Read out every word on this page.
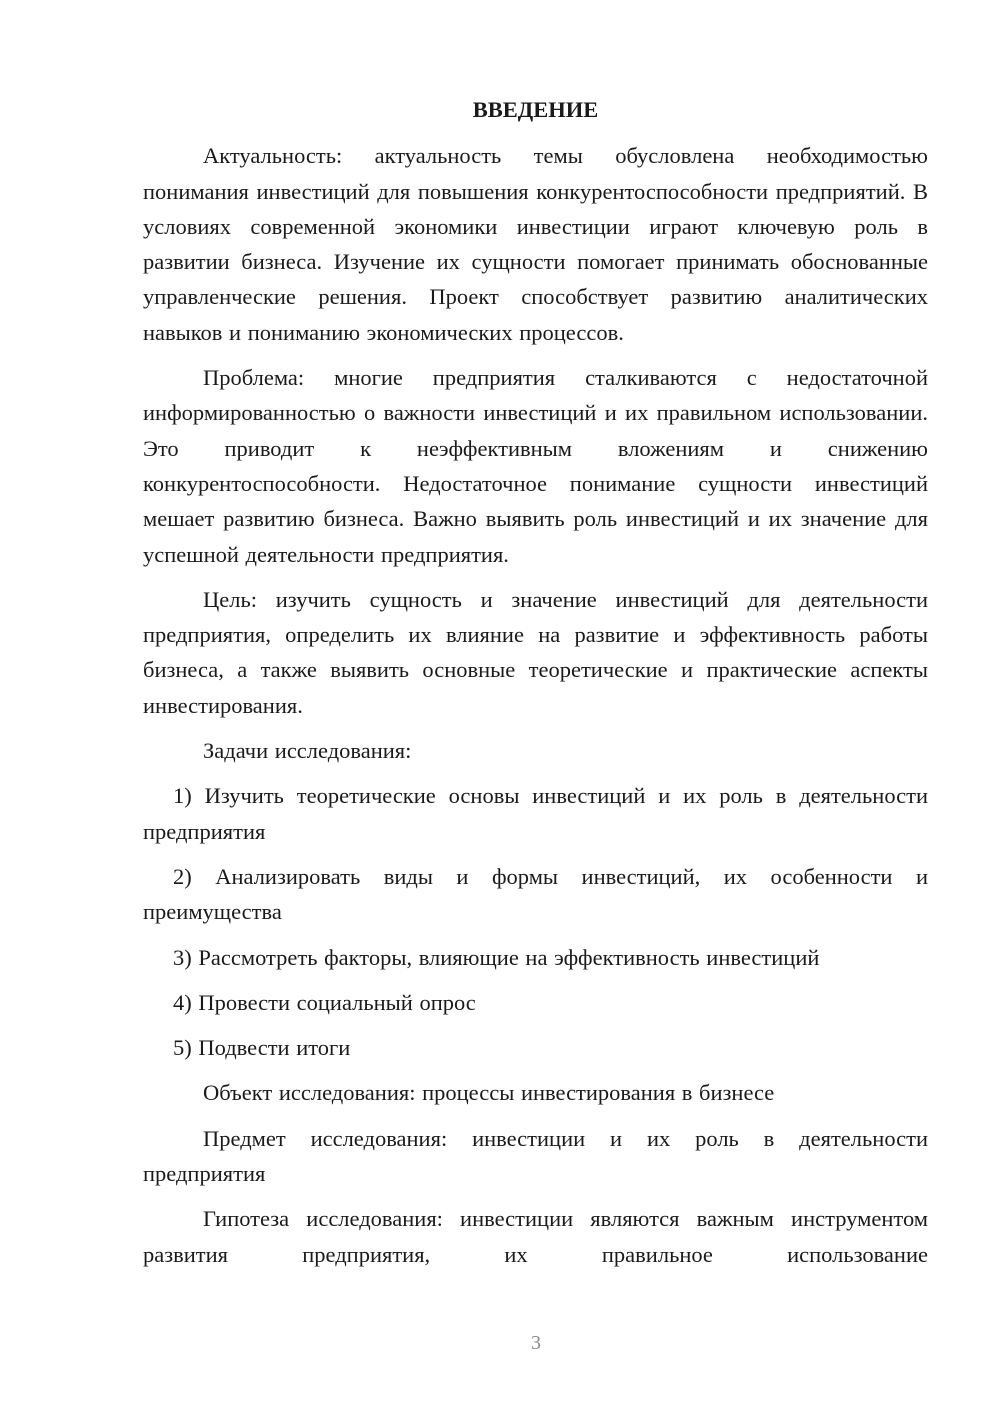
ВВЕДЕНИЕ

Актуальность: актуальность темы обусловлена необходимостью понимания инвестиций для повышения конкурентоспособности предприятий. В условиях современной экономики инвестиции играют ключевую роль в развитии бизнеса. Изучение их сущности помогает принимать обоснованные управленческие решения. Проект способствует развитию аналитических навыков и пониманию экономических процессов.

Проблема: многие предприятия сталкиваются с недостаточной информированностью о важности инвестиций и их правильном использовании. Это приводит к неэффективным вложениям и снижению конкурентоспособности. Недостаточное понимание сущности инвестиций мешает развитию бизнеса. Важно выявить роль инвестиций и их значение для успешной деятельности предприятия.

Цель: изучить сущность и значение инвестиций для деятельности предприятия, определить их влияние на развитие и эффективность работы бизнеса, а также выявить основные теоретические и практические аспекты инвестирования.

Задачи исследования:

1) Изучить теоретические основы инвестиций и их роль в деятельности предприятия

2) Анализировать виды и формы инвестиций, их особенности и преимущества

3) Рассмотреть факторы, влияющие на эффективность инвестиций

4) Провести социальный опрос

5) Подвести итоги

Объект исследования: процессы инвестирования в бизнесе

Предмет исследования: инвестиции и их роль в деятельности предприятия

Гипотеза исследования: инвестиции являются важным инструментом развития предприятия, их правильное использование

3
